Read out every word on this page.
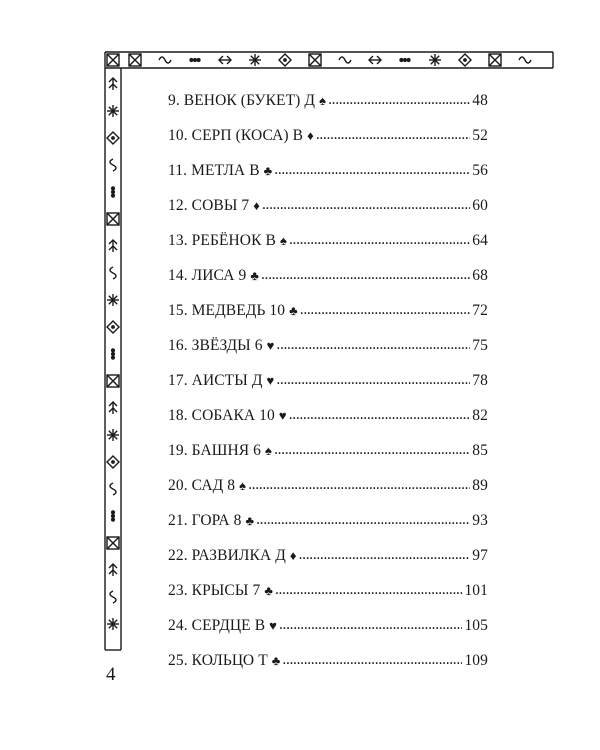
9. ВЕНОК (БУКЕТ) Д ♠ . . .	48
10. СЕРП (КОСА) В ♦ . . .	52
11. МЕТЛА В ♣ . . .	56
12. СОВЫ 7 ♦ . . .	60
13. РЕБЁНОК В ♠ . . .	64
14. ЛИСА 9 ♣ . . .	68
15. МЕДВЕДЬ 10 ♣ . . .	72
16. ЗВЁЗДЫ 6 ♥ . . .	75
17. АИСТЫ Д ♥ . . .	78
18. СОБАКА 10 ♥ . . .	82
19. БАШНЯ 6 ♠ . . .	85
20. САД 8 ♠ . . .	89
21. ГОРА 8 ♣ . . .	93
22. РАЗВИЛКА Д ♦ . . .	97
23. КРЫСЫ 7 ♣ . . .	101
24. СЕРДЦЕ В ♥ . . .	105
25. КОЛЬЦО Т ♣ . . .	109
4
